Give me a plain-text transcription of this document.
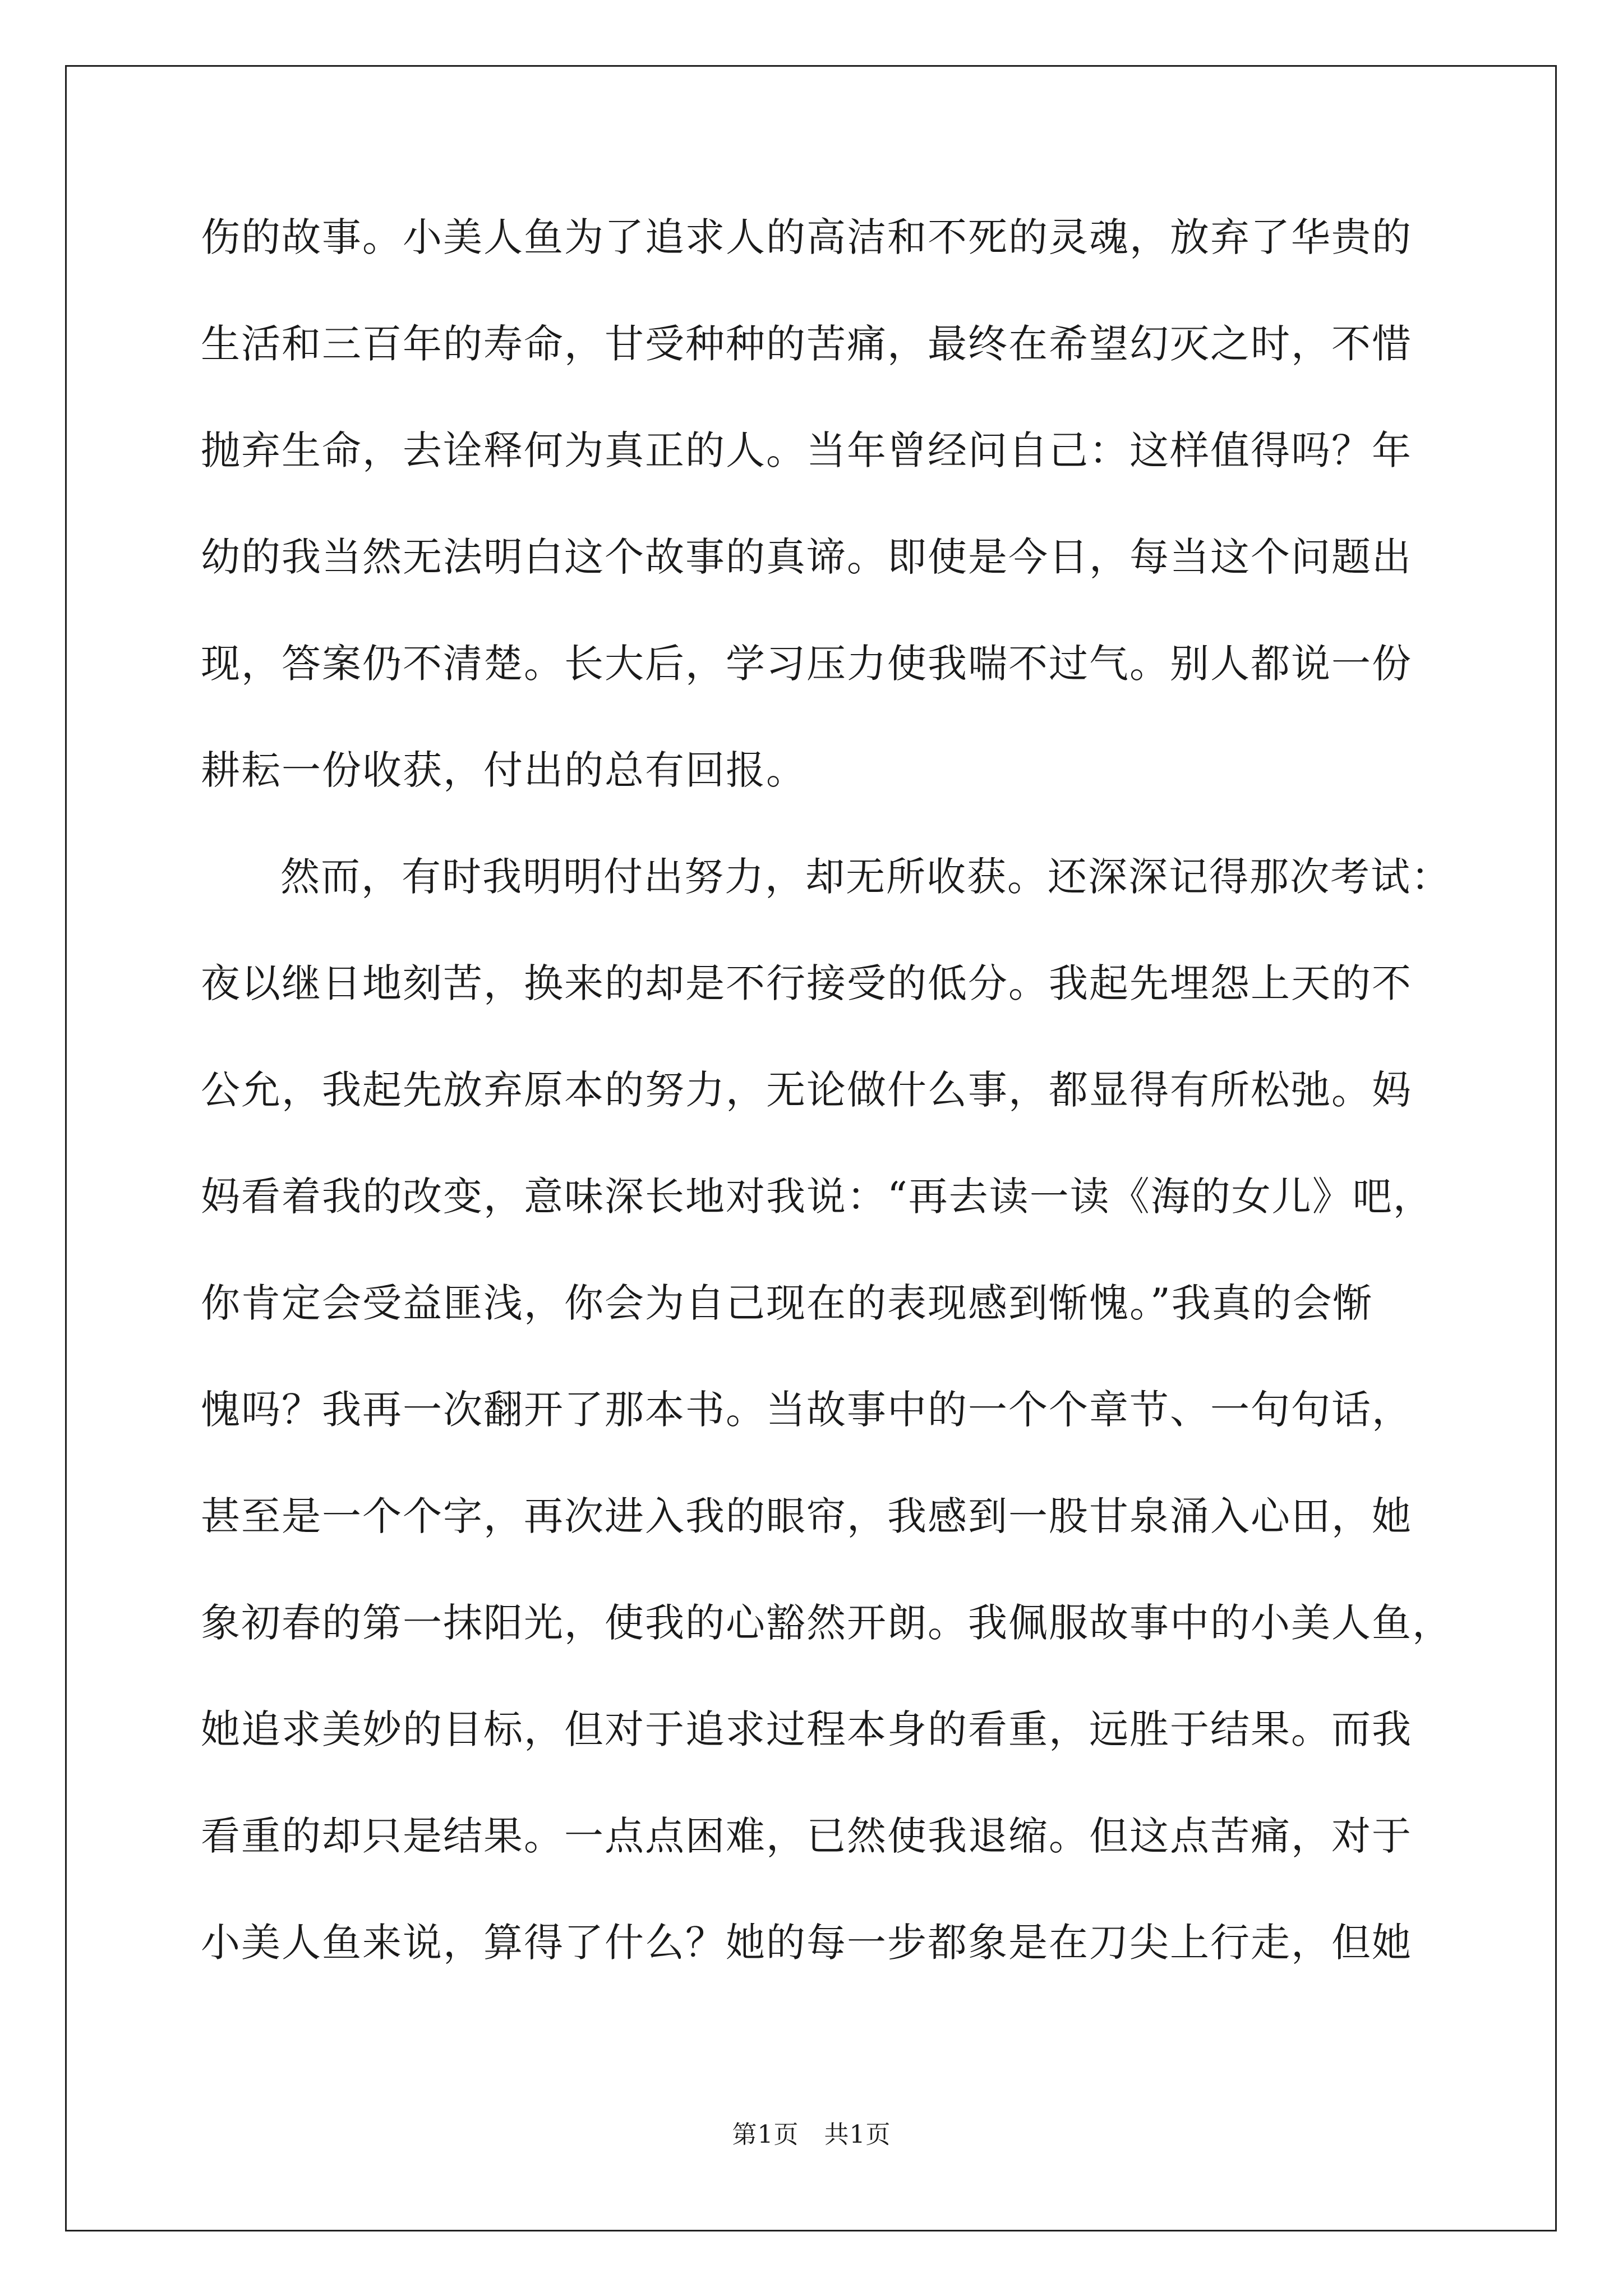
伤的故事。小美人鱼为了追求人的高洁和不死的灵魂，放弃了华贵的
生活和三百年的寿命，甘受种种的苦痛，最终在希望幻灭之时，不惜
抛弃生命，去诠释何为真正的人。当年曾经问自己：这样值得吗？年
幼的我当然无法明白这个故事的真谛。即使是今日，每当这个问题出
现，答案仍不清楚。长大后，学习压力使我喘不过气。别人都说一份
耕耘一份收获，付出的总有回报。
然而，有时我明明付出努力，却无所收获。还深深记得那次考试：
夜以继日地刻苦，换来的却是不行接受的低分。我起先埋怨上天的不
公允，我起先放弃原本的努力，无论做什么事，都显得有所松弛。妈
妈看着我的改变，意味深长地对我说：“再去读一读《海的女儿》吧，
你肯定会受益匪浅，你会为自己现在的表现感到惭愧。”我真的会惭
愧吗？我再一次翻开了那本书。当故事中的一个个章节、一句句话，
甚至是一个个字，再次进入我的眼帘，我感到一股甘泉涌入心田，她
象初春的第一抹阳光，使我的心豁然开朗。我佩服故事中的小美人鱼，
她追求美妙的目标，但对于追求过程本身的看重，远胜于结果。而我
看重的却只是结果。一点点困难，已然使我退缩。但这点苦痛，对于
小美人鱼来说，算得了什么？她的每一步都象是在刀尖上行走，但她
第1页　共1页
